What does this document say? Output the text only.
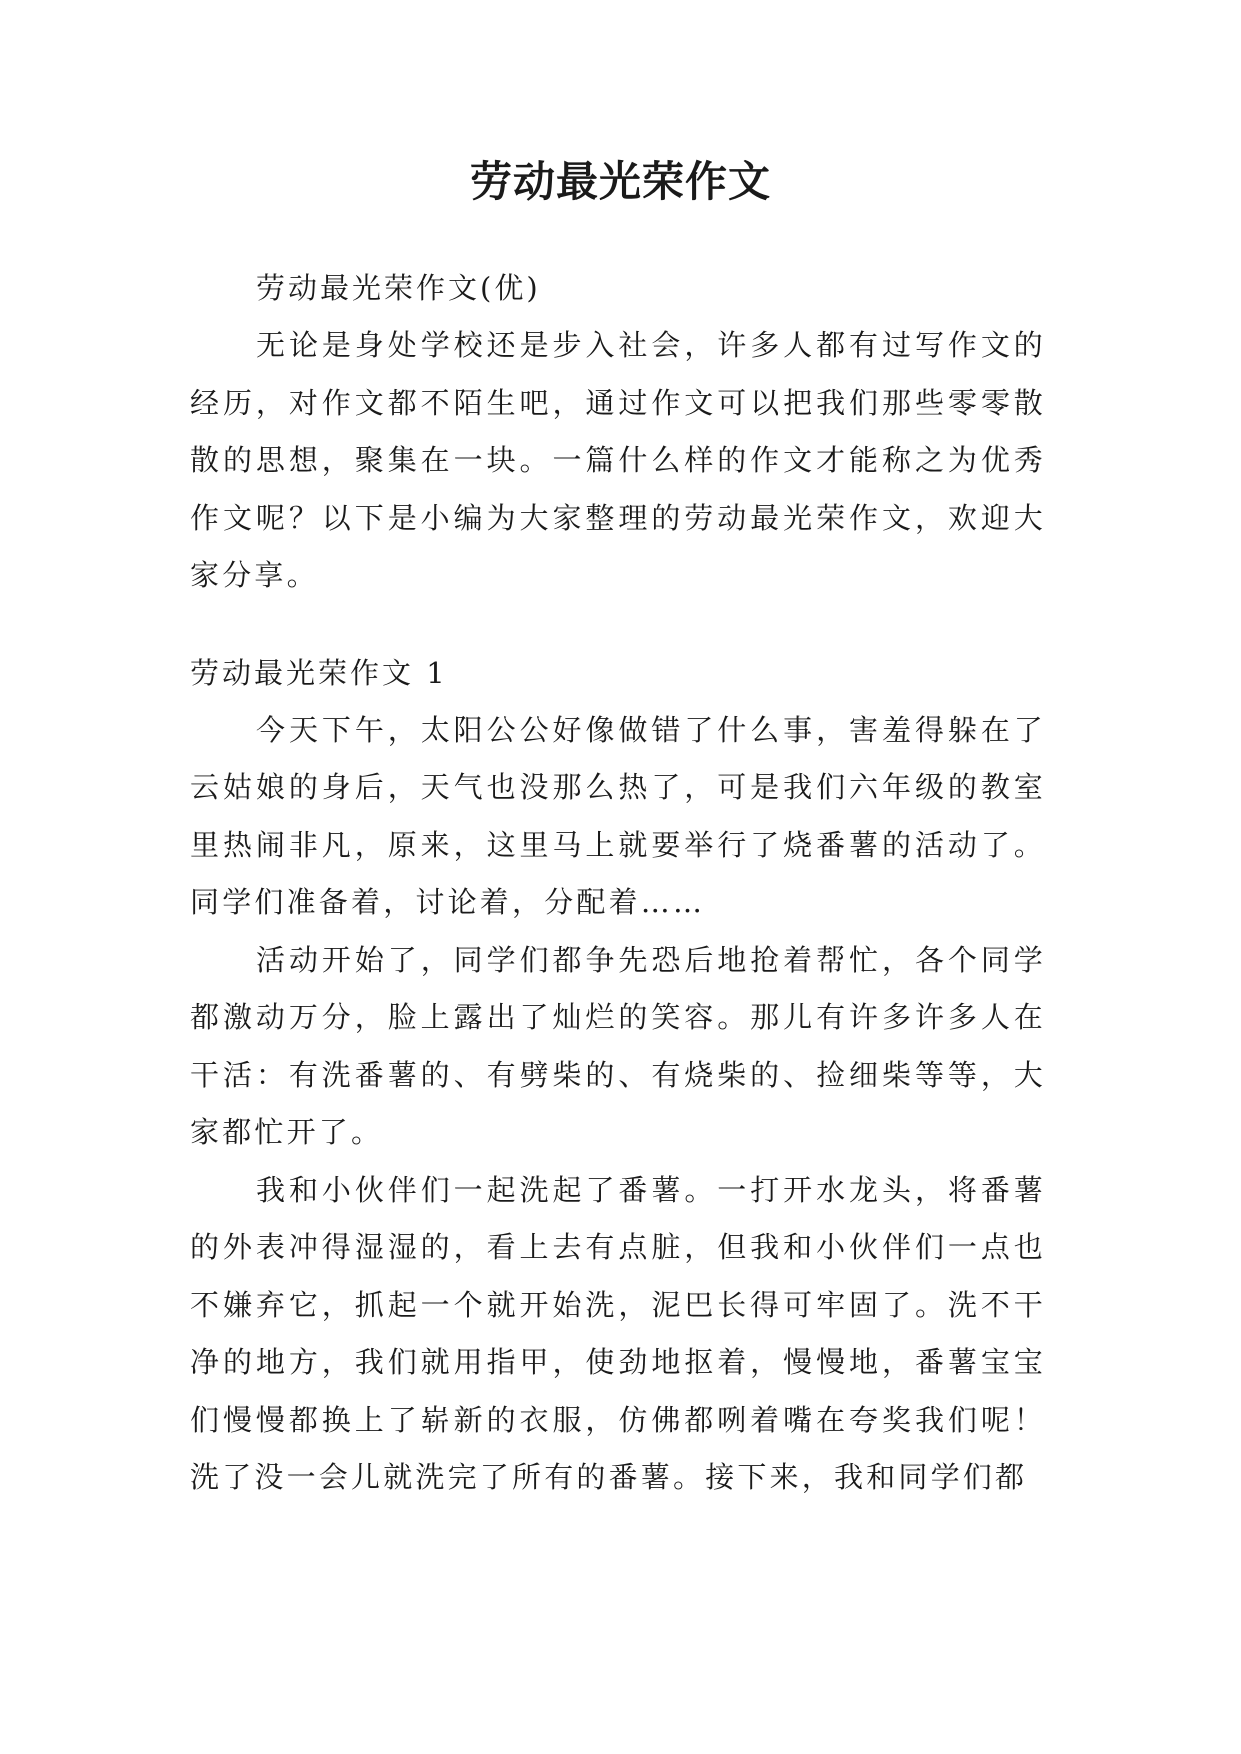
劳动最光荣作文

劳动最光荣作文(优)

无论是身处学校还是步入社会，许多人都有过写作文的经历，对作文都不陌生吧，通过作文可以把我们那些零零散散的思想，聚集在一块。一篇什么样的作文才能称之为优秀作文呢？以下是小编为大家整理的劳动最光荣作文，欢迎大家分享。

劳动最光荣作文 1

今天下午，太阳公公好像做错了什么事，害羞得躲在了云姑娘的身后，天气也没那么热了，可是我们六年级的教室里热闹非凡，原来，这里马上就要举行了烧番薯的活动了。同学们准备着，讨论着，分配着……

活动开始了，同学们都争先恐后地抢着帮忙，各个同学都激动万分，脸上露出了灿烂的笑容。那儿有许多许多人在干活：有洗番薯的、有劈柴的、有烧柴的、捡细柴等等，大家都忙开了。

我和小伙伴们一起洗起了番薯。一打开水龙头，将番薯的外表冲得湿湿的，看上去有点脏，但我和小伙伴们一点也不嫌弃它，抓起一个就开始洗，泥巴长得可牢固了。洗不干净的地方，我们就用指甲，使劲地抠着，慢慢地，番薯宝宝们慢慢都换上了崭新的衣服，仿佛都咧着嘴在夸奖我们呢！洗了没一会儿就洗完了所有的番薯。接下来，我和同学们都
